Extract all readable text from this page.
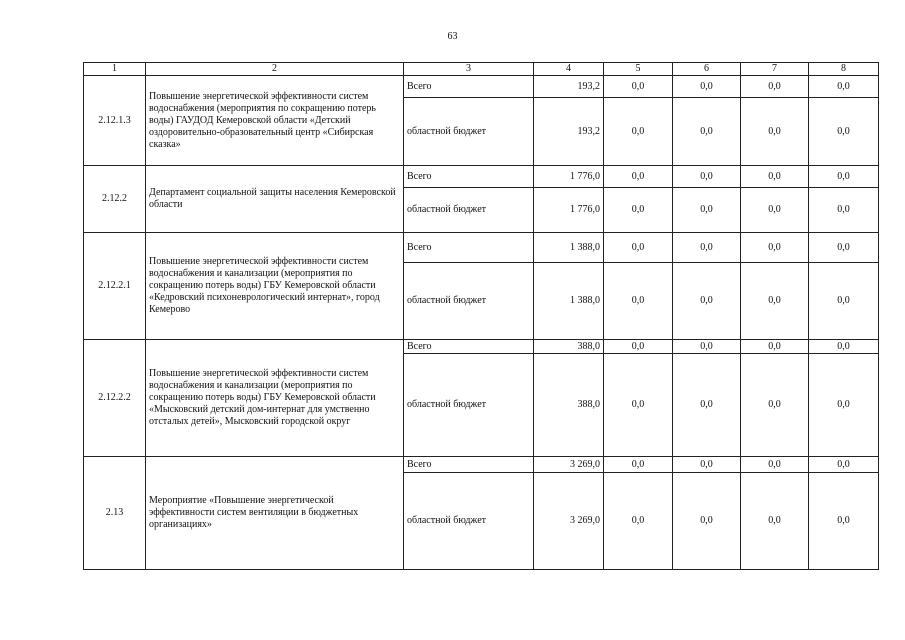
63
1	2	3	4	5	6	7	8
2.12.1.3	Повышение энергетической эффективности систем водоснабжения (мероприятия по сокращению потерь воды) ГАУДОД Кемеровской области «Детский оздоровительно-образовательный центр «Сибирская сказка»	Всего	193,2	0,0	0,0	0,0	0,0
		областной бюджет	193,2	0,0	0,0	0,0	0,0
2.12.2	Департамент социальной защиты населения Кемеровской области	Всего	1 776,0	0,0	0,0	0,0	0,0
		областной бюджет	1 776,0	0,0	0,0	0,0	0,0
2.12.2.1	Повышение энергетической эффективности систем водоснабжения и канализации (мероприятия по сокращению потерь воды) ГБУ Кемеровской области «Кедровский психоневрологический интернат», город Кемерово	Всего	1 388,0	0,0	0,0	0,0	0,0
		областной бюджет	1 388,0	0,0	0,0	0,0	0,0
2.12.2.2	Повышение энергетической эффективности систем водоснабжения и канализации (мероприятия по сокращению потерь воды) ГБУ Кемеровской области «Мысковский детский дом-интернат для умственно отсталых детей», Мысковский городской округ	Всего	388,0	0,0	0,0	0,0	0,0
		областной бюджет	388,0	0,0	0,0	0,0	0,0
2.13	Мероприятие «Повышение энергетической эффективности систем вентиляции в бюджетных организациях»	Всего	3 269,0	0,0	0,0	0,0	0,0
		областной бюджет	3 269,0	0,0	0,0	0,0	0,0
